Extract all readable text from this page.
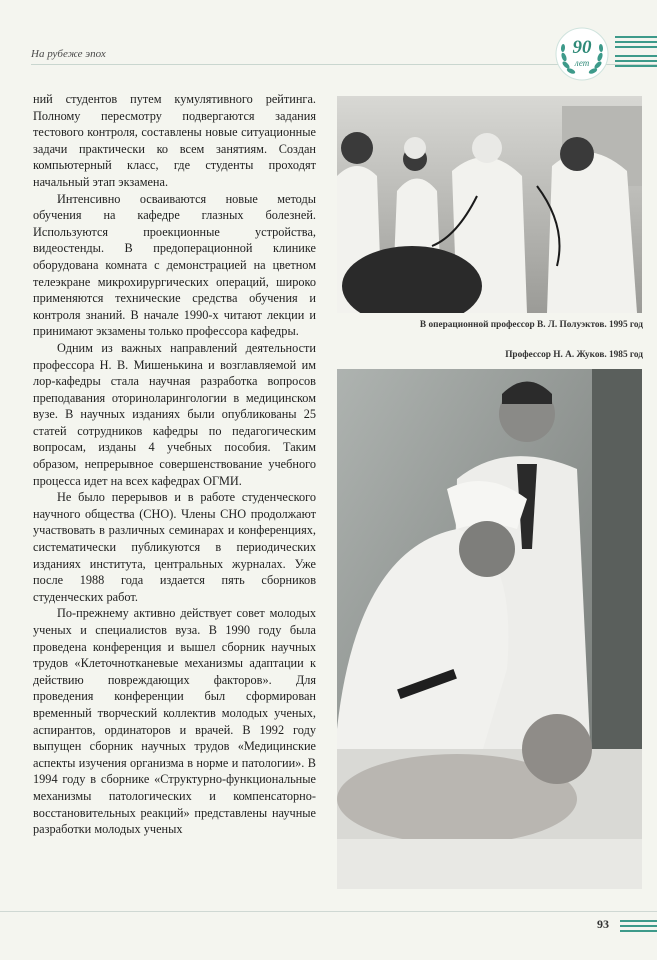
На рубеже эпох	90
лет

ний студентов путем кумулятивного рейтинга. Полному пересмотру подвергаются задания тестового контроля, составлены новые ситуационные задачи практически ко всем занятиям. Создан компьютерный класс, где студенты проходят начальный этап экзамена.

Интенсивно осваиваются новые методы обучения на кафедре глазных болезней. Используются проекционные устройства, видеостенды. В предоперационной клинике оборудована комната с демонстрацией на цветном телеэкране микрохирургических операций, широко применяются технические средства обучения и контроля знаний. В начале 1990-х читают лекции и принимают экзамены только профессора кафедры.

Одним из важных направлений деятельности профессора Н. В. Мишенькина и возглавляемой им лор-кафедры стала научная разработка вопросов преподавания оториноларингологии в медицинском вузе. В научных изданиях были опубликованы 25 статей сотрудников кафедры по педагогическим вопросам, изданы 4 учебных пособия. Таким образом, непрерывное совершенствование учебного процесса идет на всех кафедрах ОГМИ.

Не было перерывов и в работе студенческого научного общества (СНО). Члены СНО продолжают участвовать в различных семинарах и конференциях, систематически публикуются в периодических изданиях института, центральных журналах. Уже после 1988 года издается пять сборников студенческих работ.

По-прежнему активно действует совет молодых ученых и специалистов вуза. В 1990 году была проведена конференция и вышел сборник научных трудов «Клеточнотканевые механизмы адаптации к действию повреждающих факторов». Для проведения конференции был сформирован временный творческий коллектив молодых ученых, аспирантов, ординаторов и врачей. В 1992 году выпущен сборник научных трудов «Медицинские аспекты изучения организма в норме и патологии». В 1994 году в сборнике «Структурно-функциональные механизмы патологических и компенсаторно-восстановительных реакций» представлены научные разработки молодых ученых

В операционной профессор В. Л. Полуэктов. 1995 год
Профессор Н. А. Жуков. 1985 год
93
